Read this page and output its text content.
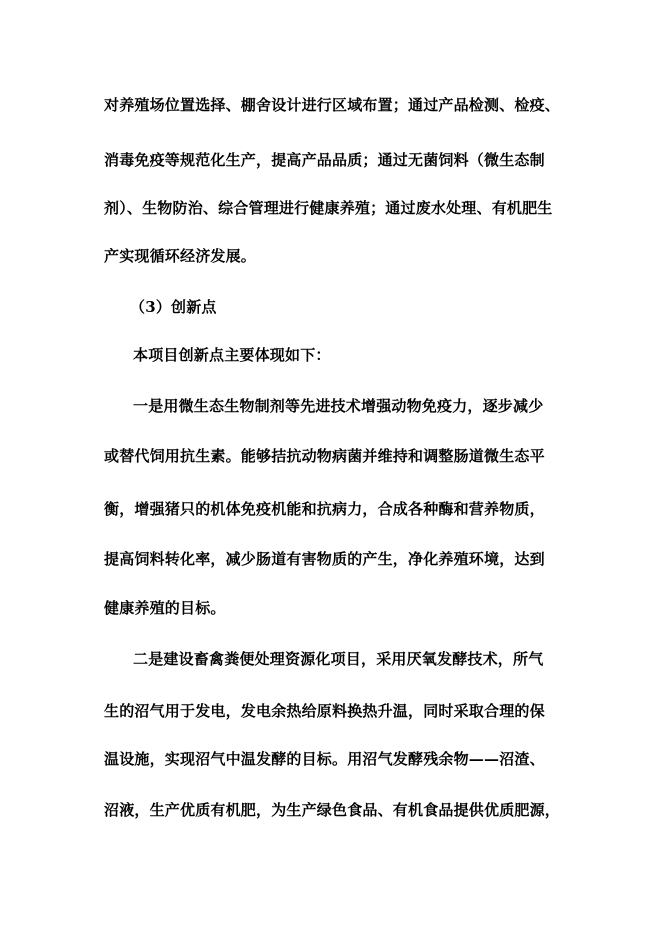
对养殖场位置选择、棚舍设计进行区域布置；通过产品检测、检疫、
消毒免疫等规范化生产，提高产品品质；通过无菌饲料（微生态制
剂）、生物防治、综合管理进行健康养殖；通过废水处理、有机肥生
产实现循环经济发展。
（3）创新点
本项目创新点主要体现如下：
一是用微生态生物制剂等先进技术增强动物免疫力，逐步减少
或替代饲用抗生素。能够拮抗动物病菌并维持和调整肠道微生态平
衡，增强猪只的机体免疫机能和抗病力，合成各种酶和营养物质，
提高饲料转化率，减少肠道有害物质的产生，净化养殖环境，达到
健康养殖的目标。
二是建设畜禽粪便处理资源化项目，采用厌氧发酵技术，所气
生的沼气用于发电，发电余热给原料换热升温，同时采取合理的保
温设施，实现沼气中温发酵的目标。用沼气发酵残余物——沼渣、
沼液，生产优质有机肥，为生产绿色食品、有机食品提供优质肥源，
